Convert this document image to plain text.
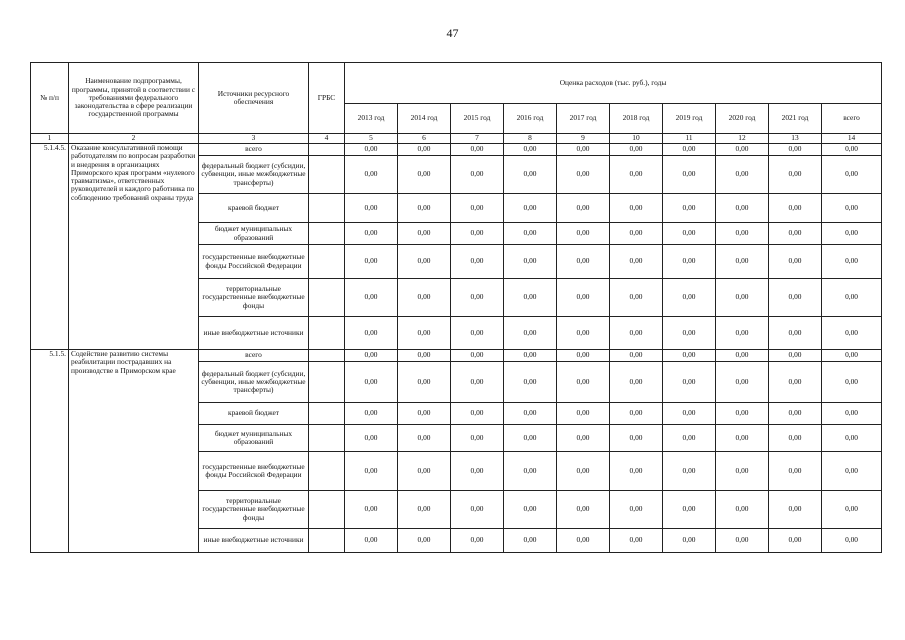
47
№ п/п	Наименование подпрограммы, программы, принятой в соответствии с требованиями федерального законодательства в сфере реализации государственной программы	Источники ресурсного обеспечения	ГРБС	Оценка расходов (тыс. руб.), годы									
				2013 год	2014 год	2015 год	2016 год	2017 год	2018 год	2019 год	2020 год	2021 год	всего
1	2	3	4	5	6	7	8	9	10	11	12	13	14
5.1.4.5.	Оказание консультативной помощи работодателям по вопросам разработки и внедрения в организациях Приморского края программ «нулевого травматизма», ответственных руководителей и каждого работника по соблюдению требований охраны труда	всего		0,00	0,00	0,00	0,00	0,00	0,00	0,00	0,00	0,00	0,00
		федеральный бюджет (субсидии, субвенции, иные межбюджетные трансферты)		0,00	0,00	0,00	0,00	0,00	0,00	0,00	0,00	0,00	0,00
		краевой бюджет		0,00	0,00	0,00	0,00	0,00	0,00	0,00	0,00	0,00	0,00
		бюджет муниципальных образований		0,00	0,00	0,00	0,00	0,00	0,00	0,00	0,00	0,00	0,00
		государственные внебюджетные фонды Российской Федерации		0,00	0,00	0,00	0,00	0,00	0,00	0,00	0,00	0,00	0,00
		территориальные государственные внебюджетные фонды		0,00	0,00	0,00	0,00	0,00	0,00	0,00	0,00	0,00	0,00
		иные внебюджетные источники		0,00	0,00	0,00	0,00	0,00	0,00	0,00	0,00	0,00	0,00
5.1.5.	Содействие развитию системы реабилитации пострадавших на производстве в Приморском крае	всего		0,00	0,00	0,00	0,00	0,00	0,00	0,00	0,00	0,00	0,00
		федеральный бюджет (субсидии, субвенции, иные межбюджетные трансферты)		0,00	0,00	0,00	0,00	0,00	0,00	0,00	0,00	0,00	0,00
		краевой бюджет		0,00	0,00	0,00	0,00	0,00	0,00	0,00	0,00	0,00	0,00
		бюджет муниципальных образований		0,00	0,00	0,00	0,00	0,00	0,00	0,00	0,00	0,00	0,00
		государственные внебюджетные фонды Российской Федерации		0,00	0,00	0,00	0,00	0,00	0,00	0,00	0,00	0,00	0,00
		территориальные государственные внебюджетные фонды		0,00	0,00	0,00	0,00	0,00	0,00	0,00	0,00	0,00	0,00
		иные внебюджетные источники		0,00	0,00	0,00	0,00	0,00	0,00	0,00	0,00	0,00	0,00
